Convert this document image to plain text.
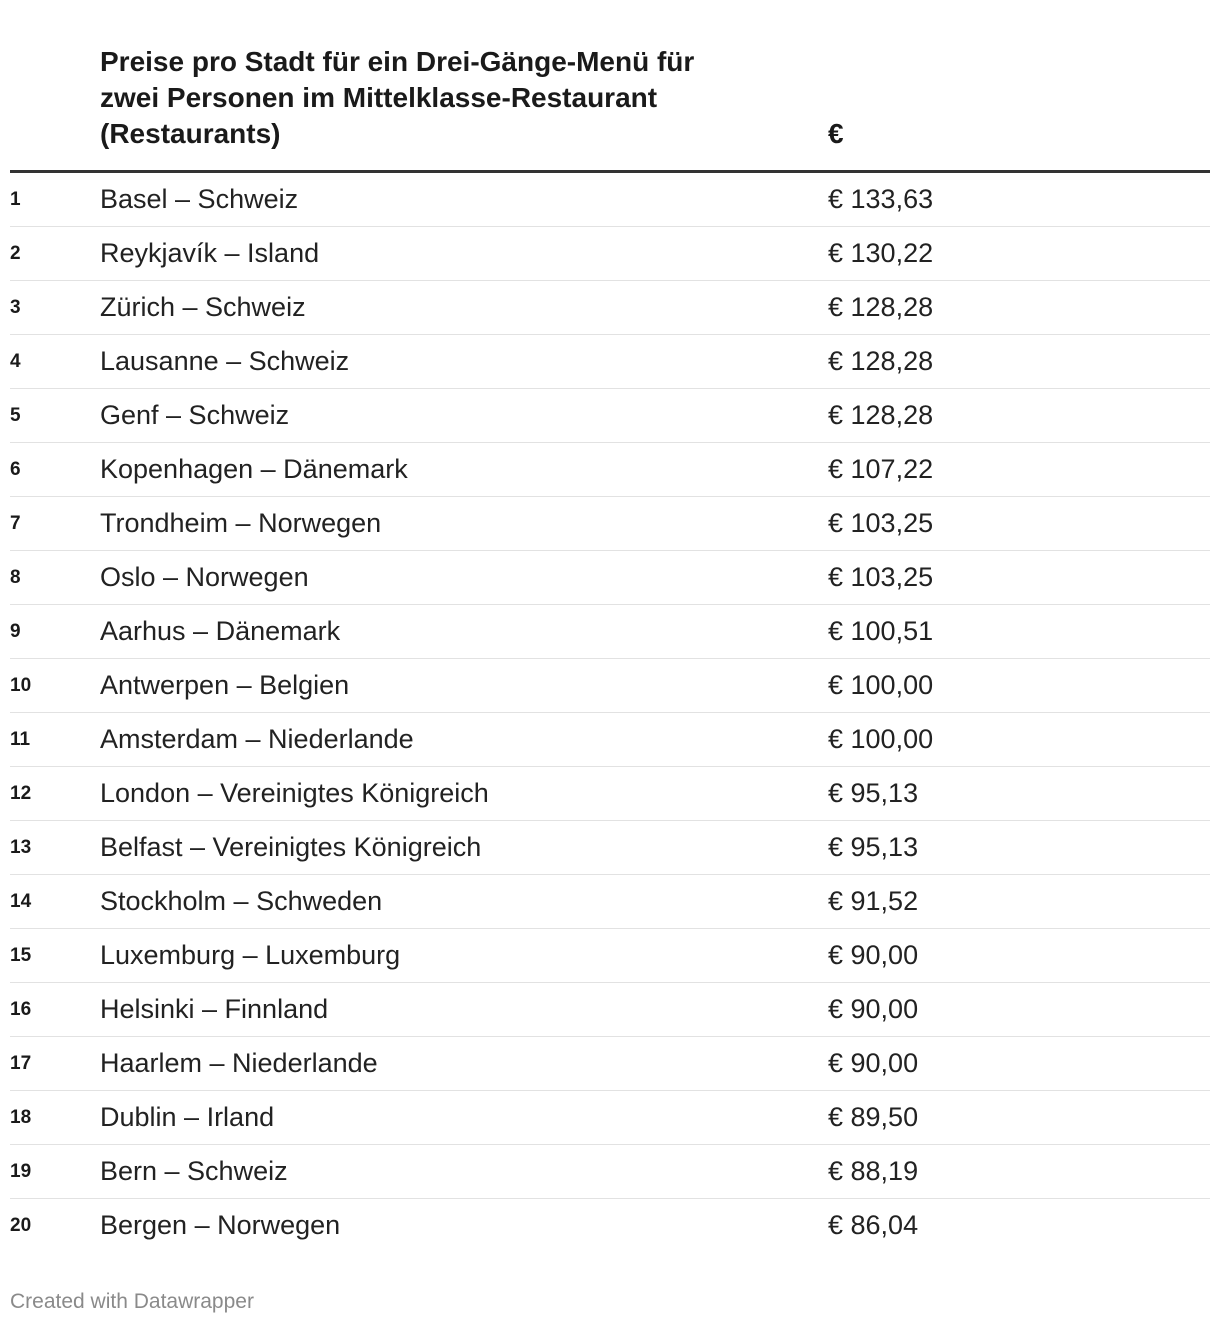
Preise pro Stadt für ein Drei-Gänge-Menü für zwei Personen im Mittelklasse-Restaurant (Restaurants)	€
1	Basel – Schweiz	€ 133,63
2	Reykjavík – Island	€ 130,22
3	Zürich – Schweiz	€ 128,28
4	Lausanne – Schweiz	€ 128,28
5	Genf – Schweiz	€ 128,28
6	Kopenhagen – Dänemark	€ 107,22
7	Trondheim – Norwegen	€ 103,25
8	Oslo – Norwegen	€ 103,25
9	Aarhus – Dänemark	€ 100,51
10	Antwerpen – Belgien	€ 100,00
11	Amsterdam – Niederlande	€ 100,00
12	London – Vereinigtes Königreich	€ 95,13
13	Belfast – Vereinigtes Königreich	€ 95,13
14	Stockholm – Schweden	€ 91,52
15	Luxemburg – Luxemburg	€ 90,00
16	Helsinki – Finnland	€ 90,00
17	Haarlem – Niederlande	€ 90,00
18	Dublin – Irland	€ 89,50
19	Bern – Schweiz	€ 88,19
20	Bergen – Norwegen	€ 86,04
Created with Datawrapper
